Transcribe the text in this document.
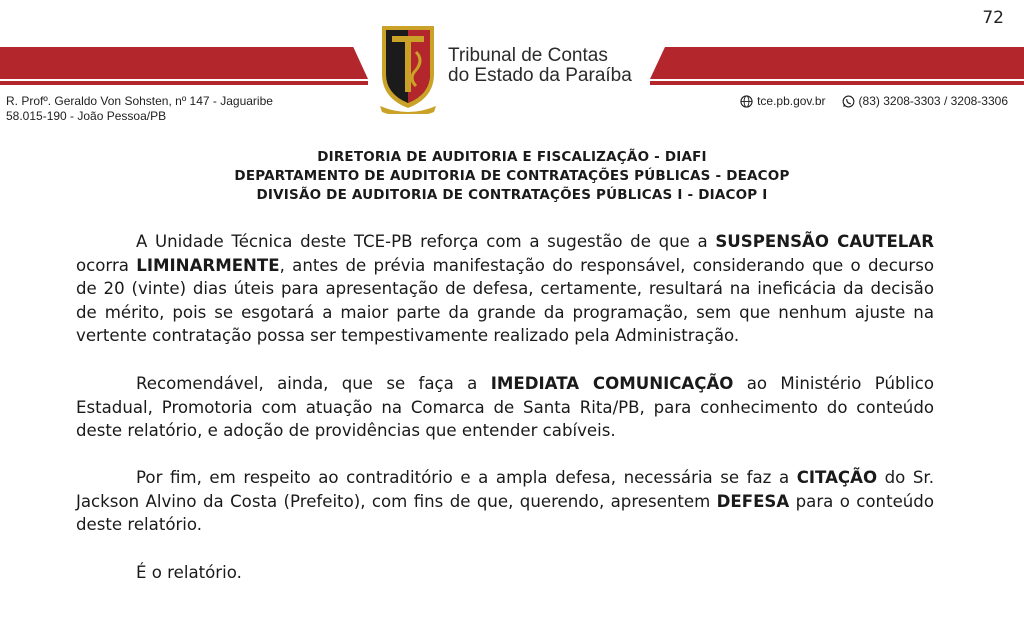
72
Tribunal de Contas
do Estado da Paraíba
R. Profº. Geraldo Von Sohsten, nº 147 - Jaguaribe
58.015-190 - João Pessoa/PB
tce.pb.gov.br	(83) 3208-3303 / 3208-3306
DIRETORIA DE AUDITORIA E FISCALIZAÇÃO - DIAFI
DEPARTAMENTO DE AUDITORIA DE CONTRATAÇÕES PÚBLICAS - DEACOP
DIVISÃO DE AUDITORIA DE CONTRATAÇÕES PÚBLICAS I - DIACOP I

A Unidade Técnica deste TCE-PB reforça com a sugestão de que a SUSPENSÃO CAUTELAR ocorra LIMINARMENTE, antes de prévia manifestação do responsável, considerando que o decurso de 20 (vinte) dias úteis para apresentação de defesa, certamente, resultará na ineficácia da decisão de mérito, pois se esgotará a maior parte da grande da programação, sem que nenhum ajuste na vertente contratação possa ser tempestivamente realizado pela Administração.

Recomendável, ainda, que se faça a IMEDIATA COMUNICAÇÃO ao Ministério Público Estadual, Promotoria com atuação na Comarca de Santa Rita/PB, para conhecimento do conteúdo deste relatório, e adoção de providências que entender cabíveis.

Por fim, em respeito ao contraditório e a ampla defesa, necessária se faz a CITAÇÃO do Sr. Jackson Alvino da Costa (Prefeito), com fins de que, querendo, apresentem DEFESA para o conteúdo deste relatório.

É o relatório.
